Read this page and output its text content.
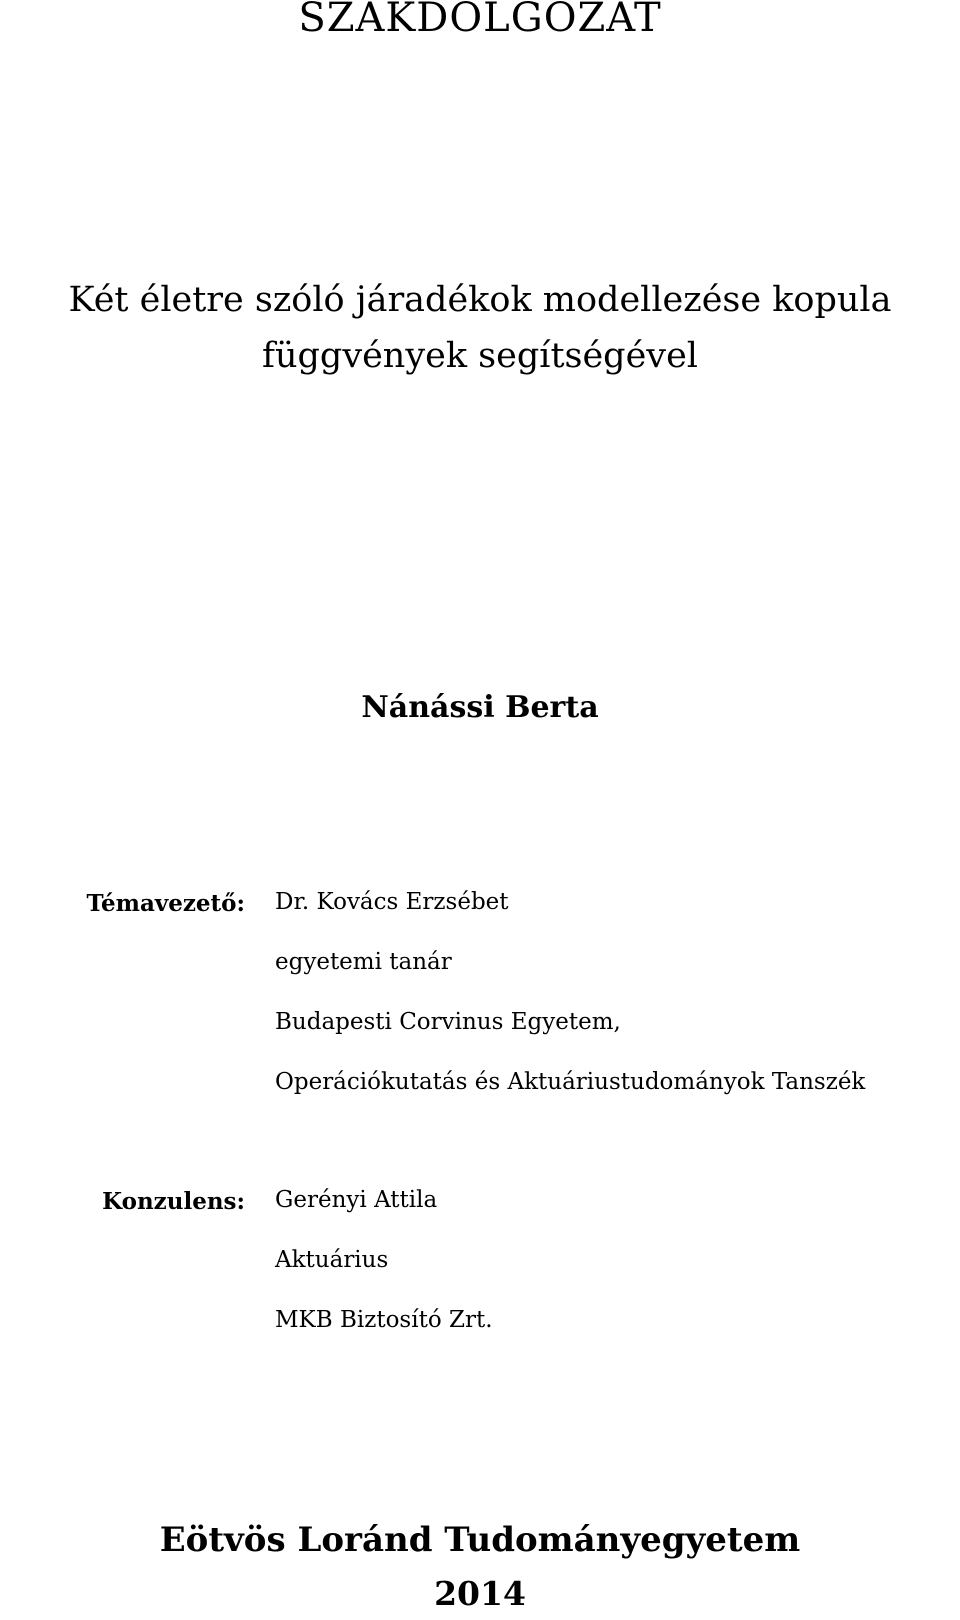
SZAKDOLGOZAT
Két életre szóló járadékok modellezése kopula
függvények segítségével
Nánássi Berta
Témavezető: Dr. Kovács Erzsébet
egyetemi tanár
Budapesti Corvinus Egyetem,
Operációkutatás és Aktuáriustudományok Tanszék
Konzulens: Gerényi Attila
Aktuárius
MKB Biztosító Zrt.
Eötvös Loránd Tudományegyetem
2014
